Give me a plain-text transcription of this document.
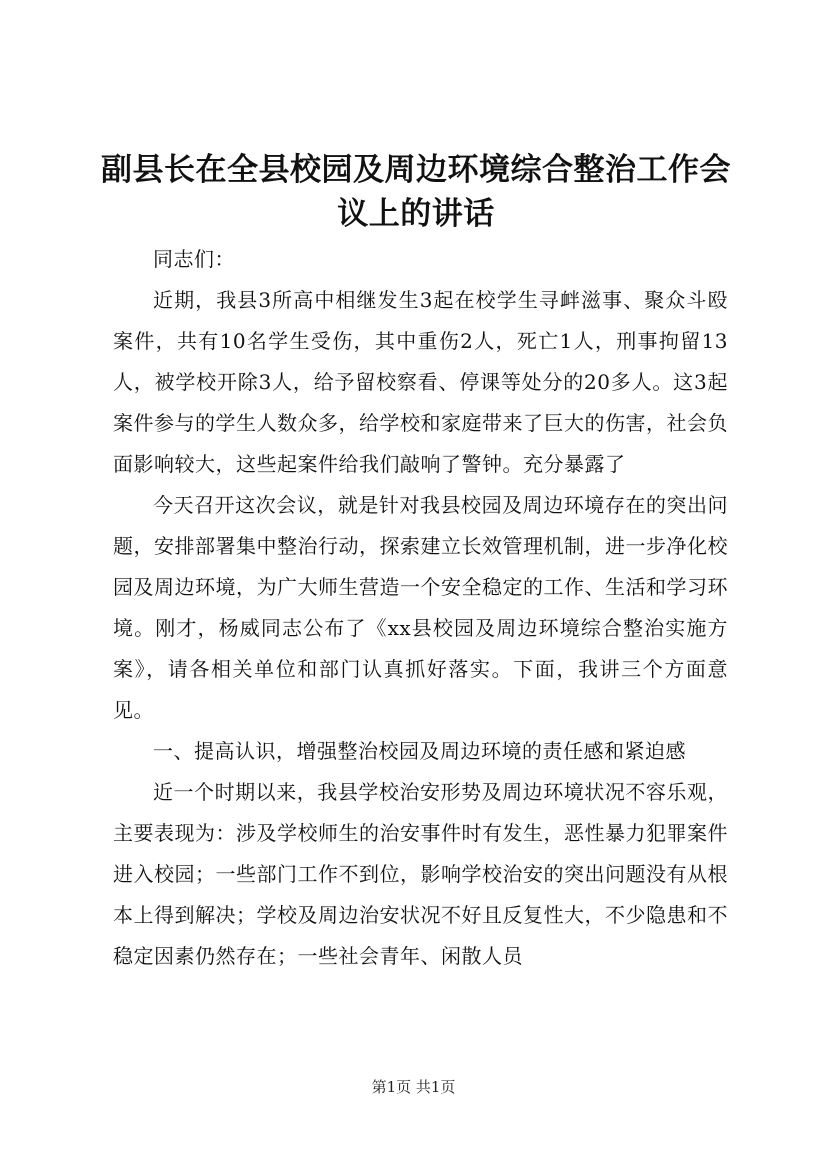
副县长在全县校园及周边环境综合整治工作会议上的讲话

同志们：

近期，我县3所高中相继发生3起在校学生寻衅滋事、聚众斗殴案件，共有10名学生受伤，其中重伤2人，死亡1人，刑事拘留13人，被学校开除3人，给予留校察看、停课等处分的20多人。这3起案件参与的学生人数众多，给学校和家庭带来了巨大的伤害，社会负面影响较大，这些起案件给我们敲响了警钟。充分暴露了

今天召开这次会议，就是针对我县校园及周边环境存在的突出问题，安排部署集中整治行动，探索建立长效管理机制，进一步净化校园及周边环境，为广大师生营造一个安全稳定的工作、生活和学习环境。刚才，杨威同志公布了《xx县校园及周边环境综合整治实施方案》，请各相关单位和部门认真抓好落实。下面，我讲三个方面意见。

一、提高认识，增强整治校园及周边环境的责任感和紧迫感

近一个时期以来，我县学校治安形势及周边环境状况不容乐观，主要表现为：涉及学校师生的治安事件时有发生，恶性暴力犯罪案件进入校园；一些部门工作不到位，影响学校治安的突出问题没有从根本上得到解决；学校及周边治安状况不好且反复性大，不少隐患和不稳定因素仍然存在；一些社会青年、闲散人员

第1页 共1页
